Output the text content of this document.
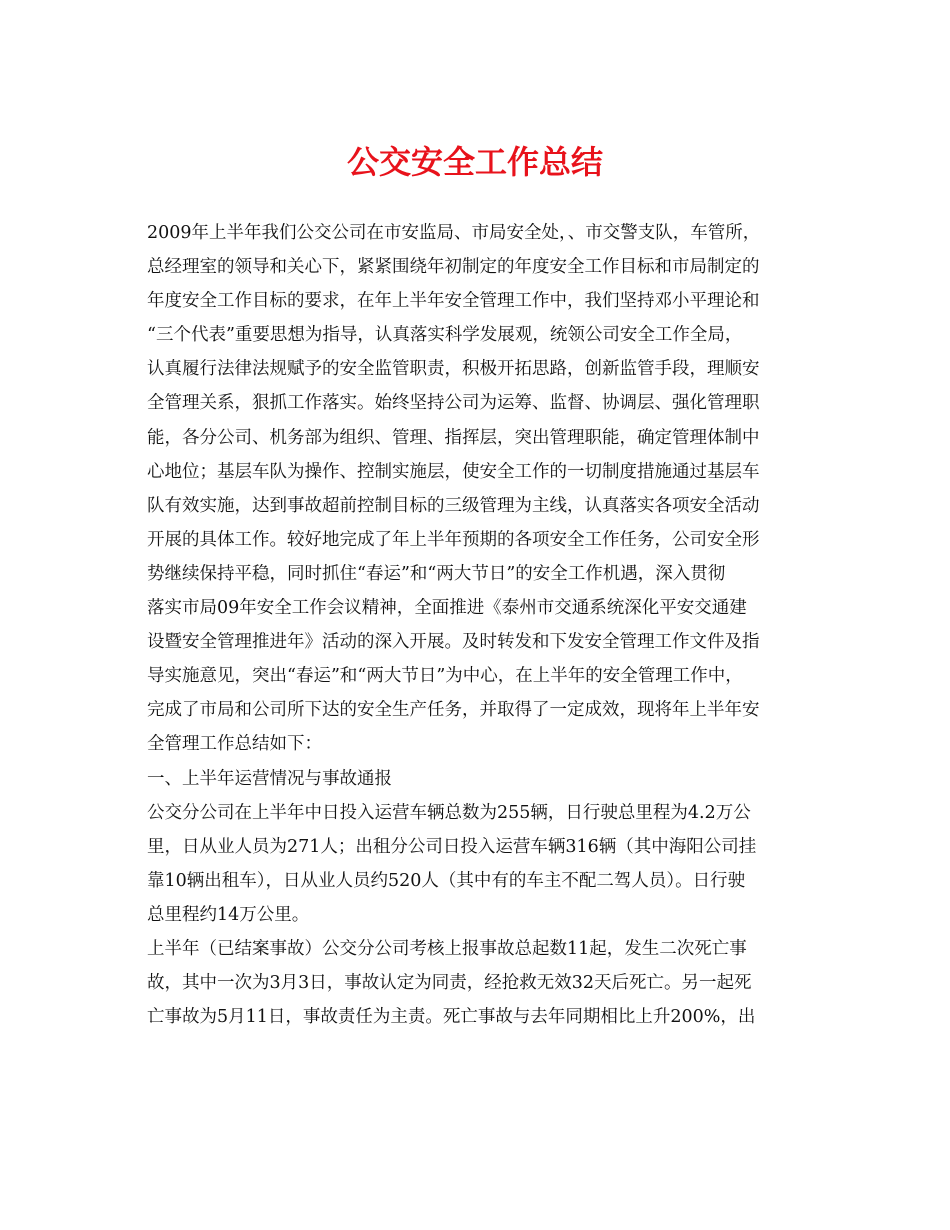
公交安全工作总结

2009年上半年我们公交公司在市安监局、市局安全处，、市交警支队，车管所，

总经理室的领导和关心下，紧紧围绕年初制定的年度安全工作目标和市局制定的

年度安全工作目标的要求，在年上半年安全管理工作中，我们坚持邓小平理论和

“三个代表”重要思想为指导，认真落实科学发展观，统领公司安全工作全局，

认真履行法律法规赋予的安全监管职责，积极开拓思路，创新监管手段，理顺安

全管理关系，狠抓工作落实。始终坚持公司为运筹、监督、协调层、强化管理职

能，各分公司、机务部为组织、管理、指挥层，突出管理职能，确定管理体制中

心地位；基层车队为操作、控制实施层，使安全工作的一切制度措施通过基层车

队有效实施，达到事故超前控制目标的三级管理为主线，认真落实各项安全活动

开展的具体工作。较好地完成了年上半年预期的各项安全工作任务，公司安全形

势继续保持平稳，同时抓住“春运”和“两大节日”的安全工作机遇，深入贯彻

落实市局09年安全工作会议精神，全面推进《泰州市交通系统深化平安交通建

设暨安全管理推进年》活动的深入开展。及时转发和下发安全管理工作文件及指

导实施意见，突出“春运”和“两大节日”为中心，在上半年的安全管理工作中，

完成了市局和公司所下达的安全生产任务，并取得了一定成效，现将年上半年安

全管理工作总结如下：

一、上半年运营情况与事故通报

公交分公司在上半年中日投入运营车辆总数为255辆，日行驶总里程为4.2万公

里，日从业人员为271人；出租分公司日投入运营车辆316辆（其中海阳公司挂

靠10辆出租车），日从业人员约520人（其中有的车主不配二驾人员）。日行驶

总里程约14万公里。

上半年（已结案事故）公交分公司考核上报事故总起数11起，发生二次死亡事

故，其中一次为3月3日，事故认定为同责，经抢救无效32天后死亡。另一起死

亡事故为5月11日，事故责任为主责。死亡事故与去年同期相比上升200%，出
